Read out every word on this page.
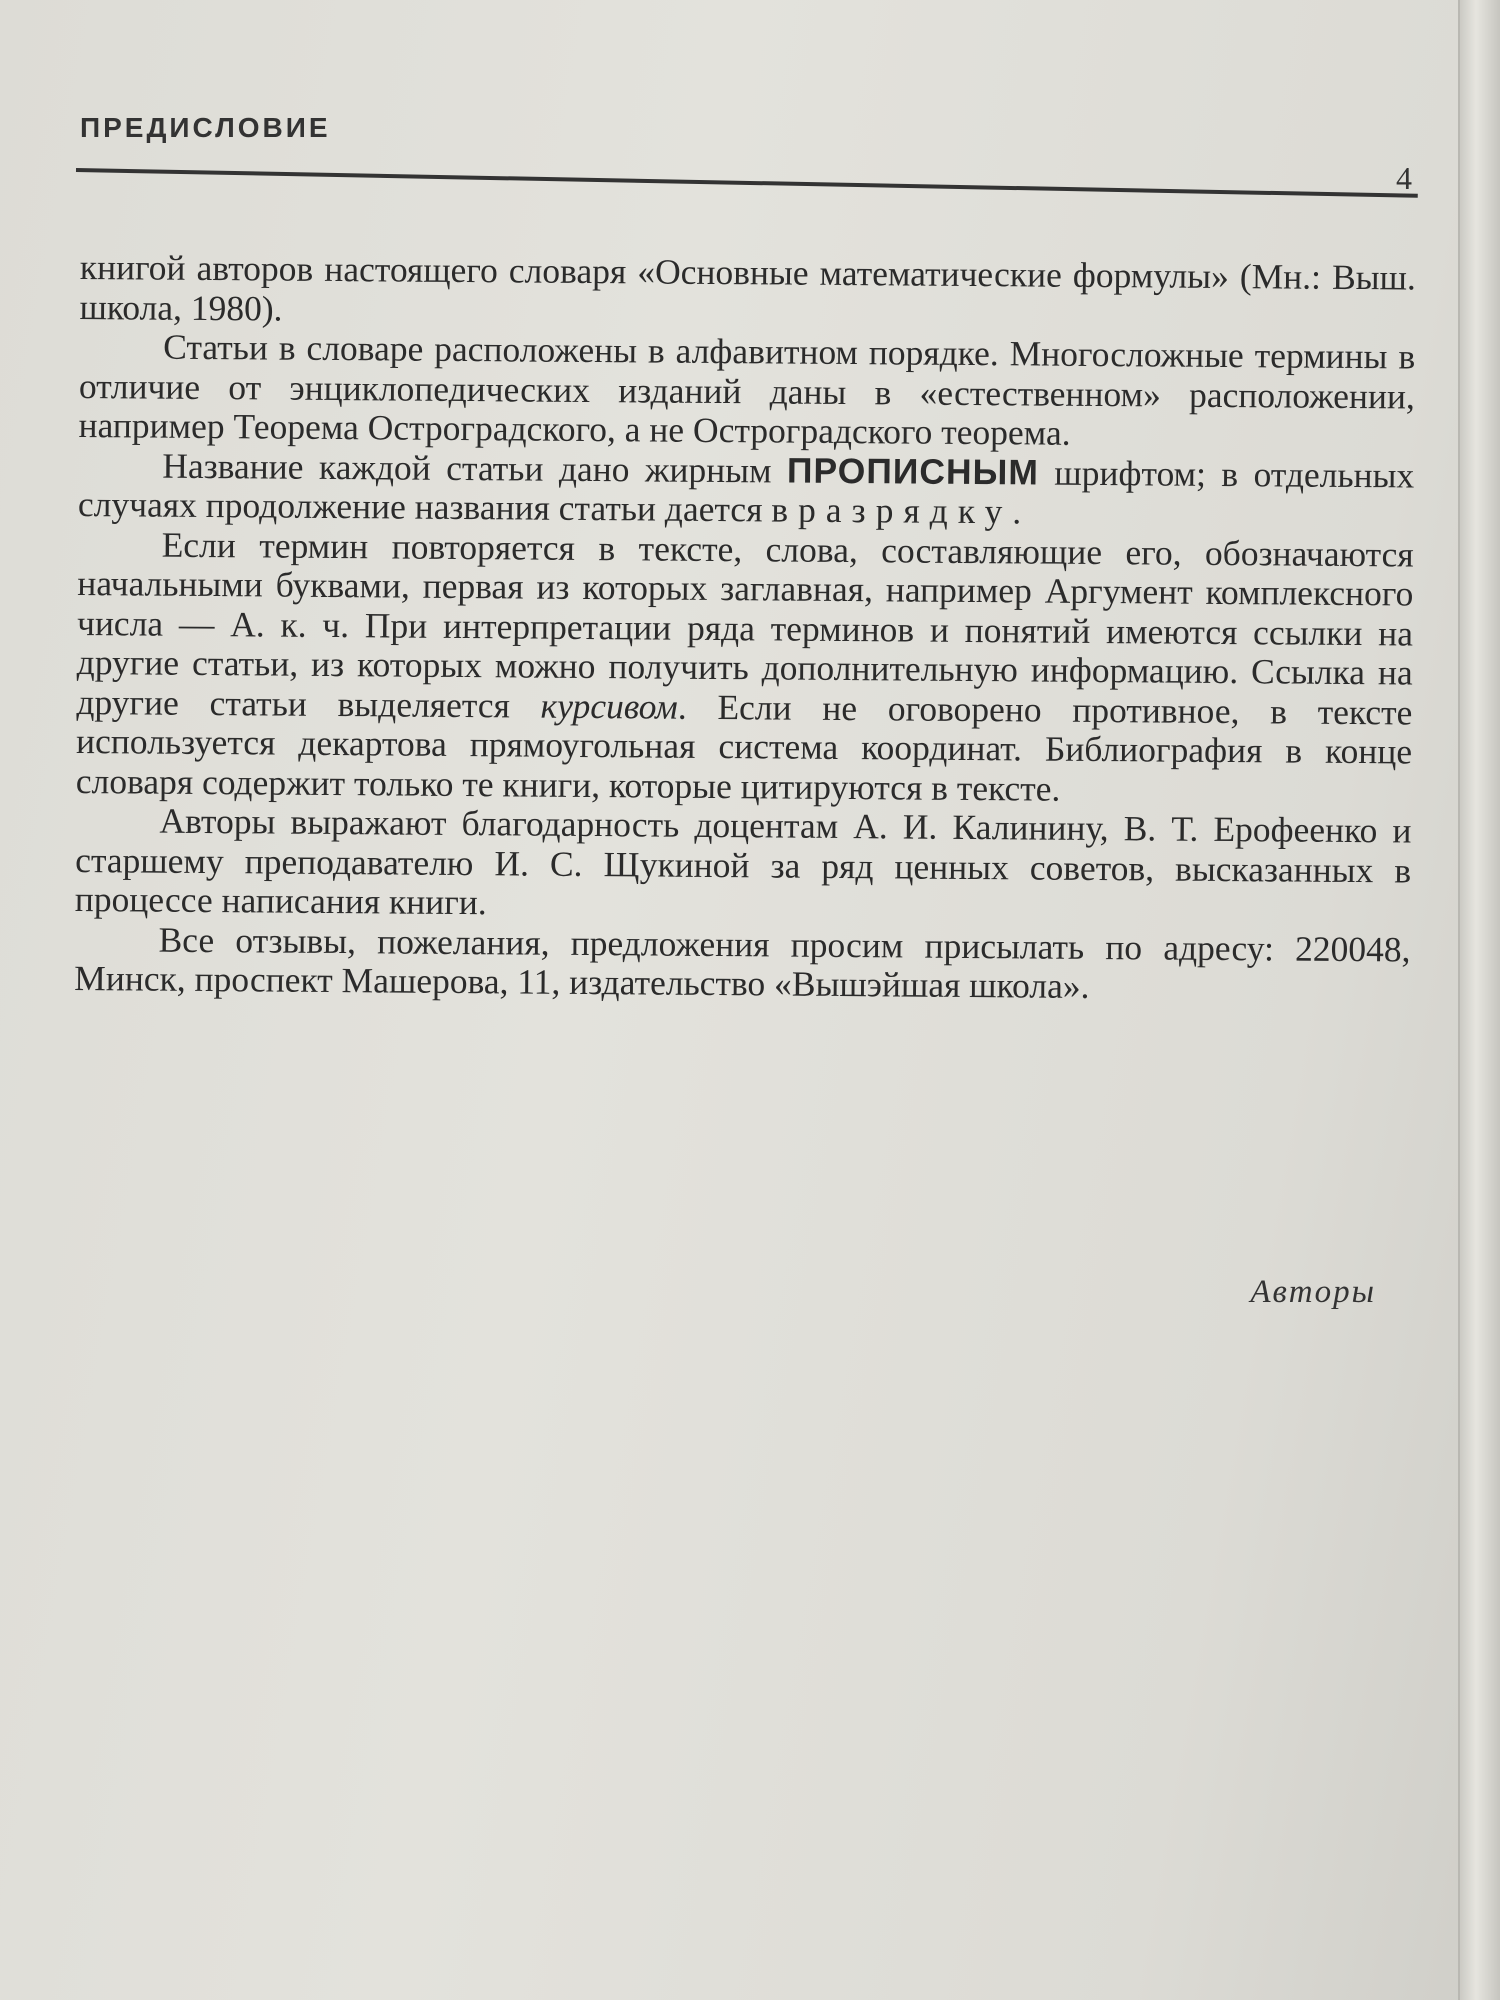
ПРЕДИСЛОВИЕ
4

книгой авторов настоящего словаря «Основные математические формулы» (Мн.: Выш. школа, 1980).

Статьи в словаре расположены в алфавитном порядке. Многосложные термины в отличие от энциклопедических изданий даны в «естественном» расположении, например Теорема Остроградского, а не Остроградского теорема.

Название каждой статьи дано жирным ПРОПИСНЫМ шрифтом; в отдельных случаях продолжение названия статьи дается вразрядку.

Если термин повторяется в тексте, слова, составляющие его, обозначаются начальными буквами, первая из которых заглавная, например Аргумент комплексного числа — А. к. ч. При интерпретации ряда терминов и понятий имеются ссылки на другие статьи, из которых можно получить дополнительную информацию. Ссылка на другие статьи выделяется курсивом. Если не оговорено противное, в тексте используется декартова прямоугольная система координат. Библиография в конце словаря содержит только те книги, которые цитируются в тексте.

Авторы выражают благодарность доцентам А. И. Калинину, В. Т. Ерофеенко и старшему преподавателю И. С. Щукиной за ряд ценных советов, высказанных в процессе написания книги.

Все отзывы, пожелания, предложения просим присылать по адресу: 220048, Минск, проспект Машерова, 11, издательство «Вышэйшая школа».

Авторы
